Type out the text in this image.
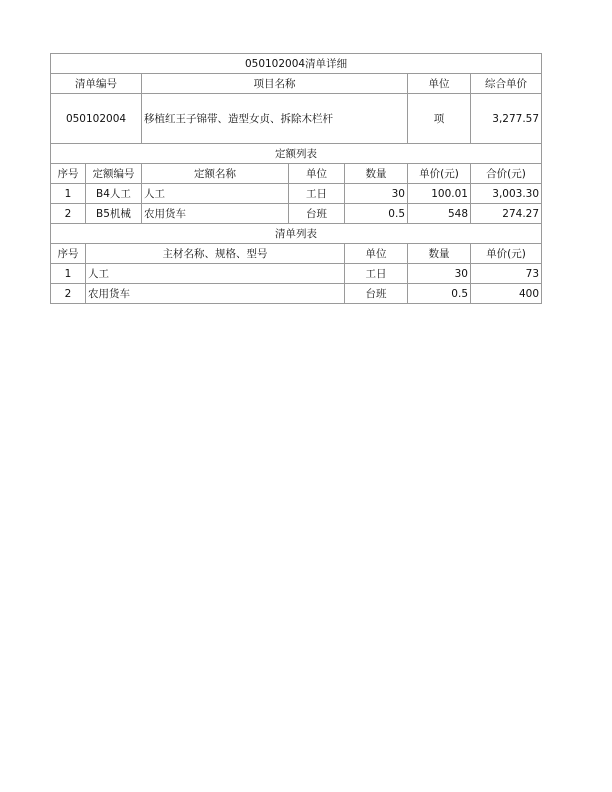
050102004清单详细							
清单编号		项目名称			单位	综合单价	
050102004		移植红王子锦带、造型女贞、拆除木栏杆			项	3,277.57	
定额列表							
序号	定额编号	定额名称	单位	数量	单价(元)	合价(元)	
1	B4人工	人工	工日	30	100.01	3,003.30	
2	B5机械	农用货车	台班	0.5	548	274.27	
清单列表							
序号	主材名称、规格、型号			单位	数量	单价(元)	
1	人工			工日	30	73	
2	农用货车			台班	0.5	400	
